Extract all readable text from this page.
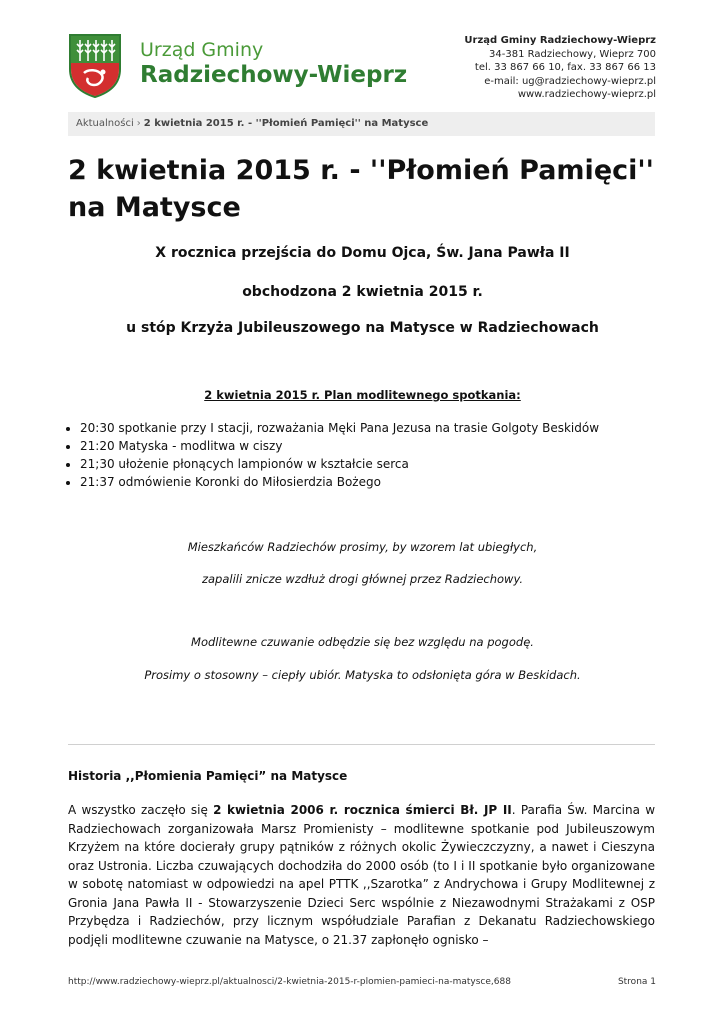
Urząd Gminy
Radziechowy-Wieprz
Urząd Gminy Radziechowy-Wieprz
34-381 Radziechowy, Wieprz 700
tel. 33 867 66 10, fax. 33 867 66 13
e-mail: ug@radziechowy-wieprz.pl
www.radziechowy-wieprz.pl
Aktualności › 2 kwietnia 2015 r. - ''Płomień Pamięci'' na Matysce
2 kwietnia 2015 r. - ''Płomień Pamięci'' na Matysce
X rocznica przejścia do Domu Ojca, Św. Jana Pawła II
obchodzona 2 kwietnia 2015 r.
u stóp Krzyża Jubileuszowego na Matysce w Radziechowach
2 kwietnia 2015 r. Plan modlitewnego spotkania:
• 20:30 spotkanie przy I stacji, rozważania Męki Pana Jezusa na trasie Golgoty Beskidów
• 21:20 Matyska - modlitwa w ciszy
• 21;30 ułożenie płonących lampionów w kształcie serca
• 21:37 odmówienie Koronki do Miłosierdzia Bożego
Mieszkańców Radziechów prosimy, by wzorem lat ubiegłych,
zapalili znicze wzdłuż drogi głównej przez Radziechowy.
Modlitewne czuwanie odbędzie się bez względu na pogodę.
Prosimy o stosowny – ciepły ubiór. Matyska to odsłonięta góra w Beskidach.
Historia ,,Płomienia Pamięci” na Matysce

A wszystko zaczęło się 2 kwietnia 2006 r. rocznica śmierci Bł. JP II. Parafia Św. Marcina w Radziechowach zorganizowała Marsz Promienisty – modlitewne spotkanie pod Jubileuszowym Krzyżem na które docierały grupy pątników z różnych okolic Żywieczczyzny, a nawet i Cieszyna oraz Ustronia. Liczba czuwających dochodziła do 2000 osób (to I i II spotkanie było organizowane w sobotę natomiast w odpowiedzi na apel PTTK ,,Szarotka” z Andrychowa i Grupy Modlitewnej z Gronia Jana Pawła II - Stowarzyszenie Dzieci Serc wspólnie z Niezawodnymi Strażakami z OSP Przybędza i Radziechów, przy licznym współudziale Parafian z Dekanatu Radziechowskiego podjęli modlitewne czuwanie na Matysce, o 21.37 zapłonęło ognisko –

http://www.radziechowy-wieprz.pl/aktualnosci/2-kwietnia-2015-r-plomien-pamieci-na-matysce,688	Strona 1
